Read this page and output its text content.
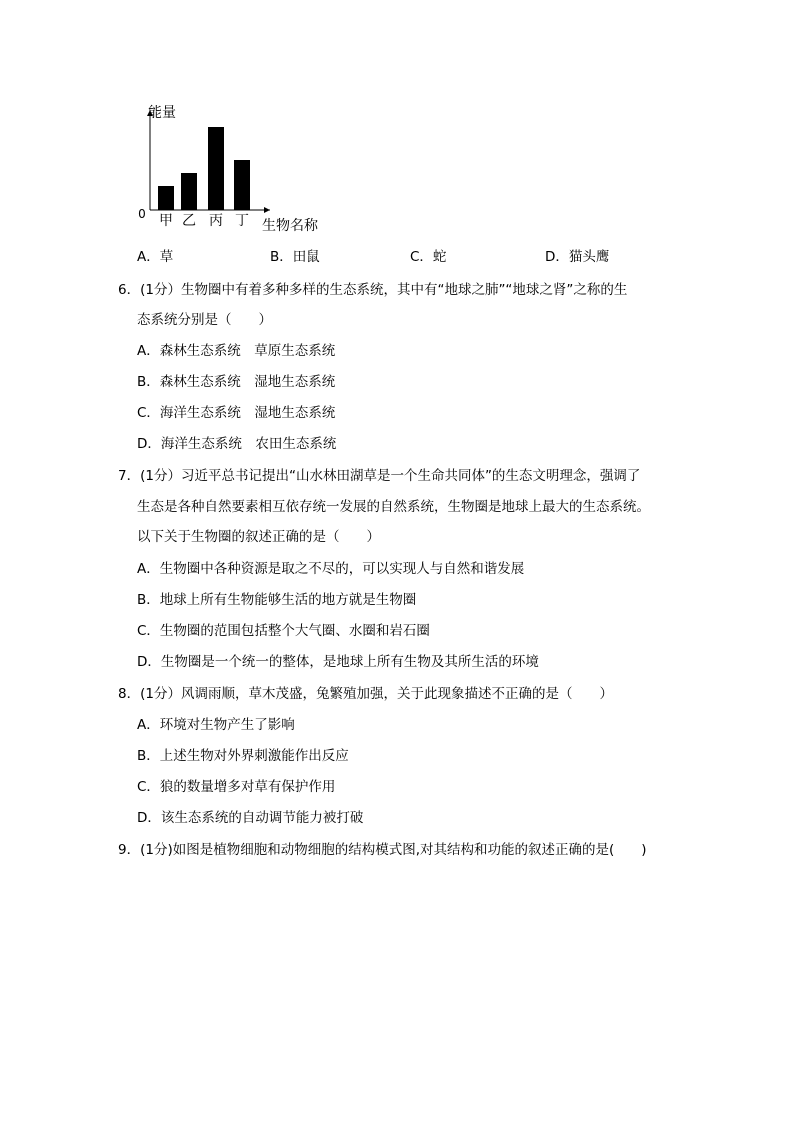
甲 乙 丙 丁
能量
0
生物名称
A．草	B．田鼠	C．蛇	D．猫头鹰
6．(1分）生物圈中有着多种多样的生态系统，其中有“地球之肺”“地球之肾”之称的生
态系统分别是（　　）
A．森林生态系统　草原生态系统
B．森林生态系统　湿地生态系统
C．海洋生态系统　湿地生态系统
D．海洋生态系统　农田生态系统
7．(1分）习近平总书记提出“山水林田湖草是一个生命共同体”的生态文明理念，强调了
生态是各种自然要素相互依存统一发展的自然系统，生物圈是地球上最大的生态系统。
以下关于生物圈的叙述正确的是（　　）
A．生物圈中各种资源是取之不尽的，可以实现人与自然和谐发展
B．地球上所有生物能够生活的地方就是生物圈
C．生物圈的范围包括整个大气圈、水圈和岩石圈
D．生物圈是一个统一的整体，是地球上所有生物及其所生活的环境
8．(1分）风调雨顺，草木茂盛，兔繁殖加强，关于此现象描述不正确的是（　　）
A．环境对生物产生了影响
B．上述生物对外界刺激能作出反应
C．狼的数量增多对草有保护作用
D．该生态系统的自动调节能力被打破
9．(1分)如图是植物细胞和动物细胞的结构模式图,对其结构和功能的叙述正确的是(　　)
